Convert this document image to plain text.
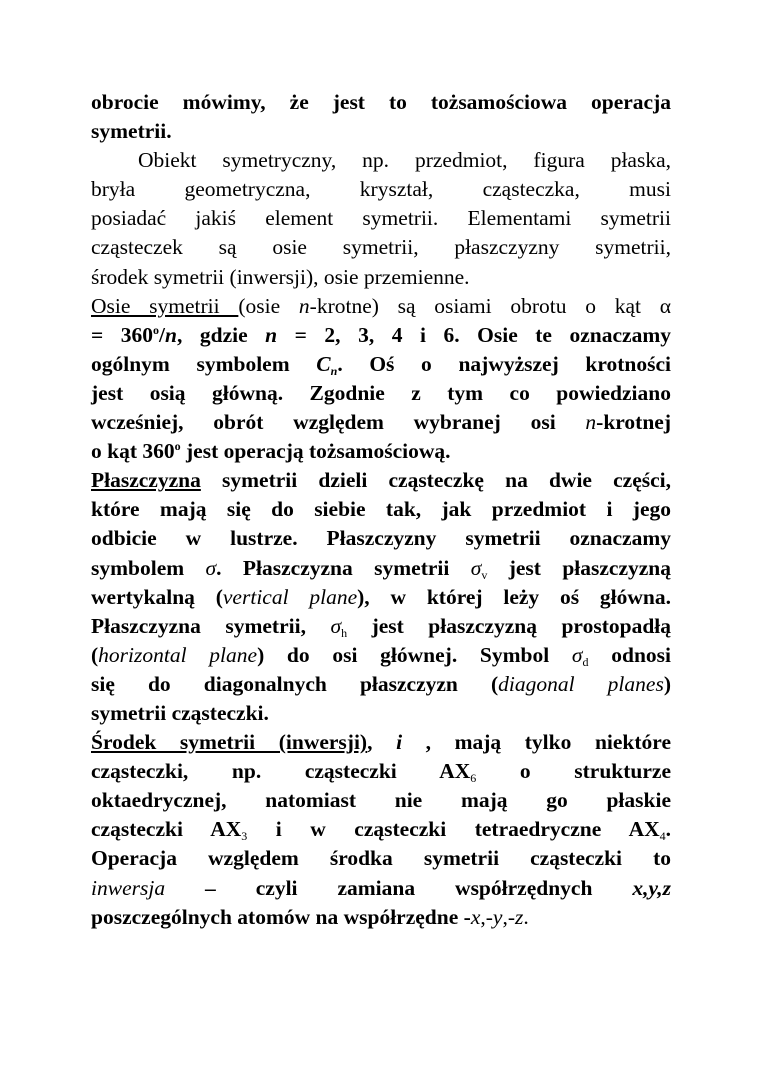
obrocie mówimy, że jest to tożsamościowa operacja
symetrii.
Obiekt symetryczny, np. przedmiot, figura płaska,
bryła geometryczna, kryształ, cząsteczka, musi
posiadać jakiś element symetrii. Elementami symetrii
cząsteczek są osie symetrii, płaszczyzny symetrii,
środek symetrii (inwersji), osie przemienne.
Osie symetrii (osie n-krotne) są osiami obrotu o kąt α
= $360^o/n$, gdzie n = 2, 3, 4 i 6. Osie te oznaczamy
ogólnym symbolem $C_n$. Oś o najwyższej krotności
jest osią główną. Zgodnie z tym co powiedziano
wcześniej, obrót względem wybranej osi n-krotnej
o kąt 360$^o$ jest operacją tożsamościową.
Płaszczyzna symetrii dzieli cząsteczkę na dwie części,
które mają się do siebie tak, jak przedmiot i jego
odbicie w lustrze. Płaszczyzny symetrii oznaczamy
symbolem σ. Płaszczyzna symetrii $\sigma_v$ jest płaszczyzną
wertykalną (vertical plane), w której leży oś główna.
Płaszczyzna symetrii, $\sigma_h$ jest płaszczyzną prostopadłą
(horizontal plane) do osi głównej. Symbol $\sigma_d$ odnosi
się do diagonalnych płaszczyzn (diagonal planes)
symetrii cząsteczki.
Środek symetrii (inwersji), i , mają tylko niektóre
cząsteczki, np. cząsteczki $AX_6$ o strukturze
oktaedrycznej, natomiast nie mają go płaskie
cząsteczki $AX_3$ i w cząsteczki tetraedryczne $AX_4$.
Operacja względem środka symetrii cząsteczki to
inwersja – czyli zamiana współrzędnych x,y,z
poszczególnych atomów na współrzędne -x,-y,-z.
